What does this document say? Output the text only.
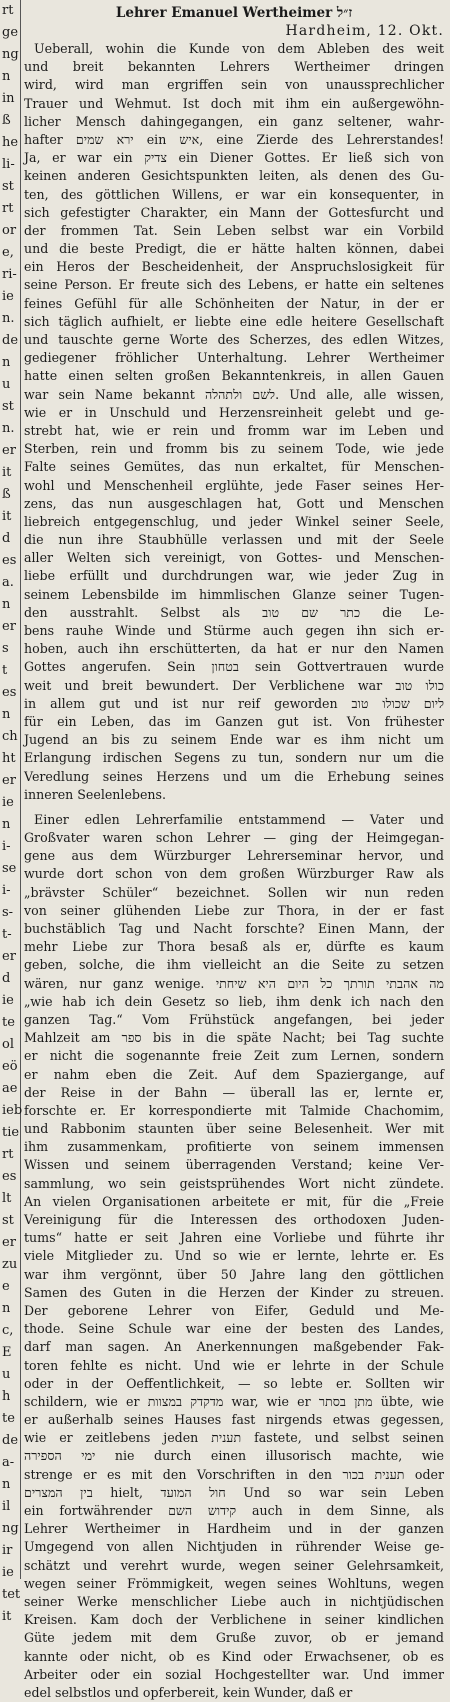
rt
ge
ng
n
in
ß
he
li-
st
rt
or
e,
ri-
ie
n.
de
n
u
st
n.
er
it
ß
it
d
es
a.
n
er
s
t
es
n
ch
ht
er
ie
n
i-
se
i-
s-
t-
er
d
ie
te
ol
eö
ae
ieb
tie
rt
es
lt
st
er
zu
e
n
c,
E
u
h
te
de
a-
n
il
ng
ir
ie
tet
it
Lehrer Emanuel Wertheimer ז״ל
Hardheim, 12. Okt.
Ueberall, wohin die Kunde von dem Ableben des weit
und breit bekannten Lehrers Wertheimer dringen
wird, wird man ergriffen sein von unaussprechlicher
Trauer und Wehmut. Ist doch mit ihm ein außergewöhn-
licher Mensch dahingegangen, ein ganz seltener, wahr-
hafter ירא שמים ein איש, eine Zierde des Lehrerstandes!
Ja, er war ein צדיק ein Diener Gottes. Er ließ sich von
keinen anderen Gesichtspunkten leiten, als denen des Gu-
ten, des göttlichen Willens, er war ein konsequenter, in
sich gefestigter Charakter, ein Mann der Gottesfurcht und
der frommen Tat. Sein Leben selbst war ein Vorbild
und die beste Predigt, die er hätte halten können, dabei
ein Heros der Bescheidenheit, der Anspruchslosigkeit für
seine Person. Er freute sich des Lebens, er hatte ein seltenes
feines Gefühl für alle Schönheiten der Natur, in der er
sich täglich aufhielt, er liebte eine edle heitere Gesellschaft
und tauschte gerne Worte des Scherzes, des edlen Witzes,
gediegener fröhlicher Unterhaltung. Lehrer Wertheimer
hatte einen selten großen Bekanntenkreis, in allen Gauen
war sein Name bekannt לשם ולתהלה. Und alle, alle wissen,
wie er in Unschuld und Herzensreinheit gelebt und ge-
strebt hat, wie er rein und fromm war im Leben und
Sterben, rein und fromm bis zu seinem Tode, wie jede
Falte seines Gemütes, das nun erkaltet, für Menschen-
wohl und Menschenheil erglühte, jede Faser seines Her-
zens, das nun ausgeschlagen hat, Gott und Menschen
liebreich entgegenschlug, und jeder Winkel seiner Seele,
die nun ihre Staubhülle verlassen und mit der Seele
aller Welten sich vereinigt, von Gottes- und Menschen-
liebe erfüllt und durchdrungen war, wie jeder Zug in
seinem Lebensbilde im himmlischen Glanze seiner Tugen-
den ausstrahlt. Selbst als כתר שם טוב die Le-
bens rauhe Winde und Stürme auch gegen ihn sich er-
hoben, auch ihn erschütterten, da hat er nur den Namen
Gottes angerufen. Sein בטחון sein Gottvertrauen wurde
weit und breit bewundert. Der Verblichene war כולו טוב
in allem gut und ist nur reif geworden ליום שכולו טוב
für ein Leben, das im Ganzen gut ist. Von frühester
Jugend an bis zu seinem Ende war es ihm nicht um
Erlangung irdischen Segens zu tun, sondern nur um die
Veredlung seines Herzens und um die Erhebung seines
inneren Seelenlebens.
Einer edlen Lehrerfamilie entstammend — Vater und
Großvater waren schon Lehrer — ging der Heimgegan-
gene aus dem Würzburger Lehrerseminar hervor, und
wurde dort schon von dem großen Würzburger Raw als
„brävster Schüler“ bezeichnet. Sollen wir nun reden
von seiner glühenden Liebe zur Thora, in der er fast
buchstäblich Tag und Nacht forschte? Einen Mann, der
mehr Liebe zur Thora besaß als er, dürfte es kaum
geben, solche, die ihm vielleicht an die Seite zu setzen
wären, nur ganz wenige. מה אהבתי תורתך כל היום היא שיחתי
„wie hab ich dein Gesetz so lieb, ihm denk ich nach den
ganzen Tag.“ Vom Frühstück angefangen, bei jeder
Mahlzeit am ספר bis in die späte Nacht; bei Tag suchte
er nicht die sogenannte freie Zeit zum Lernen, sondern
er nahm eben die Zeit. Auf dem Spaziergange, auf
der Reise in der Bahn — überall las er, lernte er,
forschte er. Er korrespondierte mit Talmide Chachomim,
und Rabbonim staunten über seine Belesenheit. Wer mit
ihm zusammenkam, profitierte von seinem immensen
Wissen und seinem überragenden Verstand; keine Ver-
sammlung, wo sein geistsprühendes Wort nicht zündete.
An vielen Organisationen arbeitete er mit, für die „Freie
Vereinigung für die Interessen des orthodoxen Juden-
tums“ hatte er seit Jahren eine Vorliebe und führte ihr
viele Mitglieder zu. Und so wie er lernte, lehrte er. Es
war ihm vergönnt, über 50 Jahre lang den göttlichen
Samen des Guten in die Herzen der Kinder zu streuen.
Der geborene Lehrer von Eifer, Geduld und Me-
thode. Seine Schule war eine der besten des Landes,
darf man sagen. An Anerkennungen maßgebender Fak-
toren fehlte es nicht. Und wie er lehrte in der Schule
oder in der Oeffentlichkeit, — so lebte er. Sollten wir
schildern, wie er מדקדק במצוות war, wie er מתן בסתר übte, wie
er außerhalb seines Hauses fast nirgends etwas gegessen,
wie er zeitlebens jeden תענית fastete, und selbst seinen
ימי הספירה nie durch einen illusorisch machte, wie
strenge er es mit den Vorschriften in den תענית בכור oder
בין המצרים hielt, חול המועד Und so war sein Leben
ein fortwährender קידוש השם auch in dem Sinne, als
Lehrer Wertheimer in Hardheim und in der ganzen
Umgegend von allen Nichtjuden in rührender Weise ge-
schätzt und verehrt wurde, wegen seiner Gelehrsamkeit,
wegen seiner Frömmigkeit, wegen seines Wohltuns, wegen
seiner Werke menschlicher Liebe auch in nichtjüdischen
Kreisen. Kam doch der Verblichene in seiner kindlichen
Güte jedem mit dem Gruße zuvor, ob er jemand
kannte oder nicht, ob es Kind oder Erwachsener, ob es
Arbeiter oder ein sozial Hochgestellter war. Und immer
edel selbstlos und opferbereit, kein Wunder, daß er
